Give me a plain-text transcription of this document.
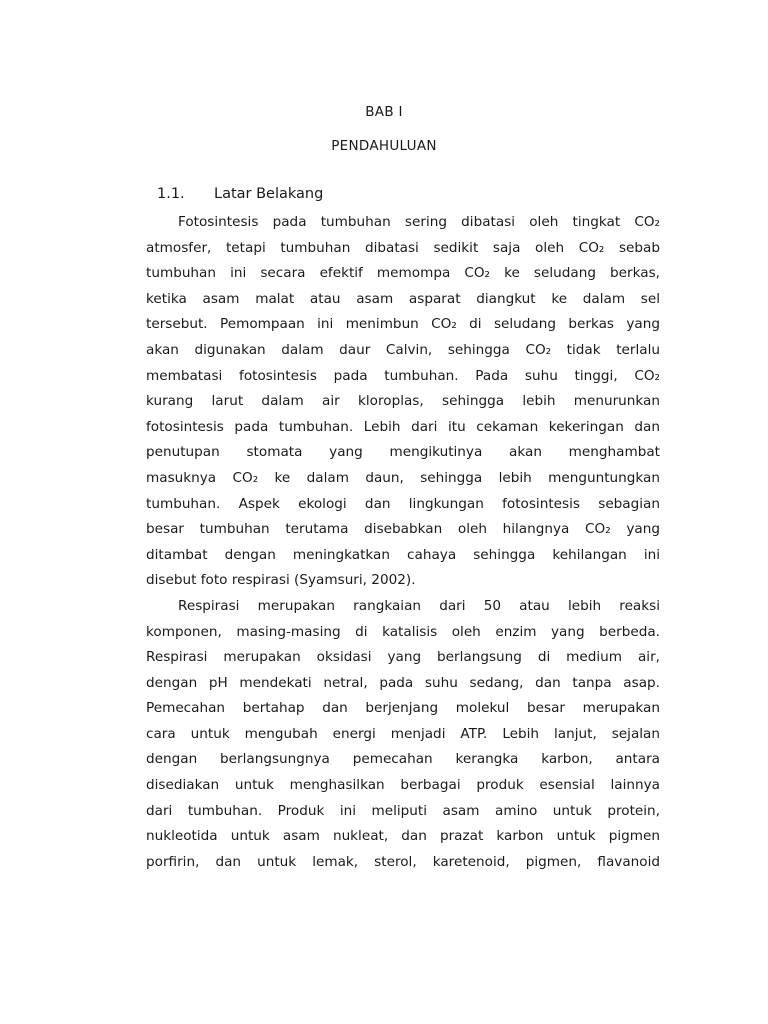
BAB I
PENDAHULUAN
1.1. Latar Belakang
Fotosintesis pada tumbuhan sering dibatasi oleh tingkat CO₂
atmosfer, tetapi tumbuhan dibatasi sedikit saja oleh CO₂ sebab
tumbuhan ini secara efektif memompa CO₂ ke seludang berkas,
ketika asam malat atau asam asparat diangkut ke dalam sel
tersebut. Pemompaan ini menimbun CO₂ di seludang berkas yang
akan digunakan dalam daur Calvin, sehingga CO₂ tidak terlalu
membatasi fotosintesis pada tumbuhan. Pada suhu tinggi, CO₂
kurang larut dalam air kloroplas, sehingga lebih menurunkan
fotosintesis pada tumbuhan. Lebih dari itu cekaman kekeringan dan
penutupan stomata yang mengikutinya akan menghambat
masuknya CO₂ ke dalam daun, sehingga lebih menguntungkan
tumbuhan. Aspek ekologi dan lingkungan fotosintesis sebagian
besar tumbuhan terutama disebabkan oleh hilangnya CO₂ yang
ditambat dengan meningkatkan cahaya sehingga kehilangan ini
disebut foto respirasi (Syamsuri, 2002).
Respirasi merupakan rangkaian dari 50 atau lebih reaksi
komponen, masing-masing di katalisis oleh enzim yang berbeda.
Respirasi merupakan oksidasi yang berlangsung di medium air,
dengan pH mendekati netral, pada suhu sedang, dan tanpa asap.
Pemecahan bertahap dan berjenjang molekul besar merupakan
cara untuk mengubah energi menjadi ATP. Lebih lanjut, sejalan
dengan berlangsungnya pemecahan kerangka karbon, antara
disediakan untuk menghasilkan berbagai produk esensial lainnya
dari tumbuhan. Produk ini meliputi asam amino untuk protein,
nukleotida untuk asam nukleat, dan prazat karbon untuk pigmen
porfirin, dan untuk lemak, sterol, karetenoid, pigmen, flavanoid
